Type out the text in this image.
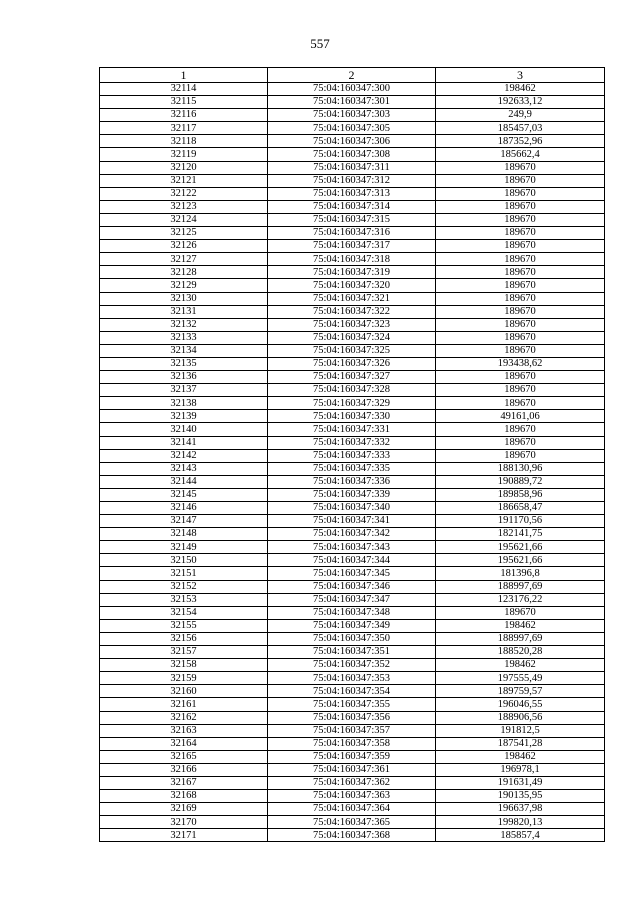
557
1	2	3
32114	75:04:160347:300	198462
32115	75:04:160347:301	192633,12
32116	75:04:160347:303	249,9
32117	75:04:160347:305	185457,03
32118	75:04:160347:306	187352,96
32119	75:04:160347:308	185662,4
32120	75:04:160347:311	189670
32121	75:04:160347:312	189670
32122	75:04:160347:313	189670
32123	75:04:160347:314	189670
32124	75:04:160347:315	189670
32125	75:04:160347:316	189670
32126	75:04:160347:317	189670
32127	75:04:160347:318	189670
32128	75:04:160347:319	189670
32129	75:04:160347:320	189670
32130	75:04:160347:321	189670
32131	75:04:160347:322	189670
32132	75:04:160347:323	189670
32133	75:04:160347:324	189670
32134	75:04:160347:325	189670
32135	75:04:160347:326	193438,62
32136	75:04:160347:327	189670
32137	75:04:160347:328	189670
32138	75:04:160347:329	189670
32139	75:04:160347:330	49161,06
32140	75:04:160347:331	189670
32141	75:04:160347:332	189670
32142	75:04:160347:333	189670
32143	75:04:160347:335	188130,96
32144	75:04:160347:336	190889,72
32145	75:04:160347:339	189858,96
32146	75:04:160347:340	186658,47
32147	75:04:160347:341	191170,56
32148	75:04:160347:342	182141,75
32149	75:04:160347:343	195621,66
32150	75:04:160347:344	195621,66
32151	75:04:160347:345	181396,8
32152	75:04:160347:346	188997,69
32153	75:04:160347:347	123176,22
32154	75:04:160347:348	189670
32155	75:04:160347:349	198462
32156	75:04:160347:350	188997,69
32157	75:04:160347:351	188520,28
32158	75:04:160347:352	198462
32159	75:04:160347:353	197555,49
32160	75:04:160347:354	189759,57
32161	75:04:160347:355	196046,55
32162	75:04:160347:356	188906,56
32163	75:04:160347:357	191812,5
32164	75:04:160347:358	187541,28
32165	75:04:160347:359	198462
32166	75:04:160347:361	196978,1
32167	75:04:160347:362	191631,49
32168	75:04:160347:363	190135,95
32169	75:04:160347:364	196637,98
32170	75:04:160347:365	199820,13
32171	75:04:160347:368	185857,4
